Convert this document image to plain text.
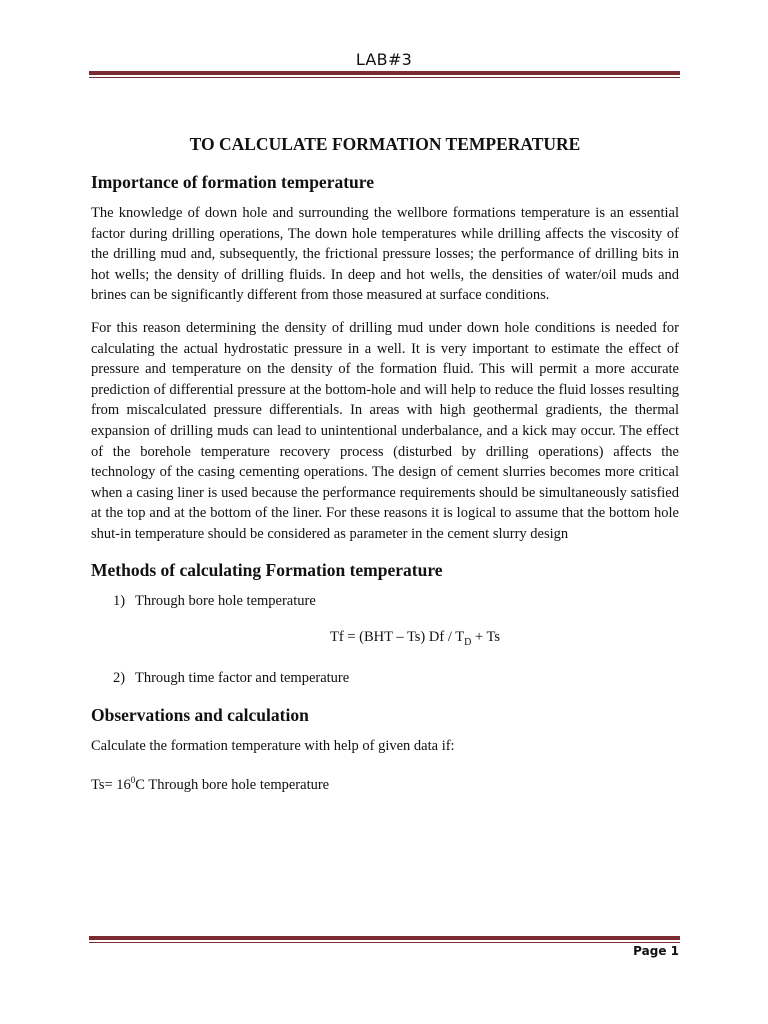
LAB#3
TO CALCULATE FORMATION TEMPERATURE
Importance of formation temperature

The knowledge of down hole and surrounding the wellbore formations temperature is an essential factor during drilling operations, The down hole temperatures while drilling affects the viscosity of the drilling mud and, subsequently, the frictional pressure losses; the performance of drilling bits in hot wells; the density of drilling fluids. In deep and hot wells, the densities of water/oil muds and brines can be significantly different from those measured at surface conditions.

For this reason determining the density of drilling mud under down hole conditions is needed for calculating the actual hydrostatic pressure in a well. It is very important to estimate the effect of pressure and temperature on the density of the formation fluid. This will permit a more accurate prediction of differential pressure at the bottom-hole and will help to reduce the fluid losses resulting from miscalculated pressure differentials. In areas with high geothermal gradients, the thermal expansion of drilling muds can lead to unintentional underbalance, and a kick may occur. The effect of the borehole temperature recovery process (disturbed by drilling operations) affects the technology of the casing cementing operations. The design of cement slurries becomes more critical when a casing liner is used because the performance requirements should be simultaneously satisfied at the top and at the bottom of the liner. For these reasons it is logical to assume that the bottom hole shut-in temperature should be considered as parameter in the cement slurry design

Methods of calculating Formation temperature
1) Through bore hole temperature
Tf = (BHT – Ts) $Df / T_D + Ts$
2) Through time factor and temperature
Observations and calculation
Calculate the formation temperature with help of given data if:
$Ts= 16^0C$ Through bore hole temperature
Page 1
